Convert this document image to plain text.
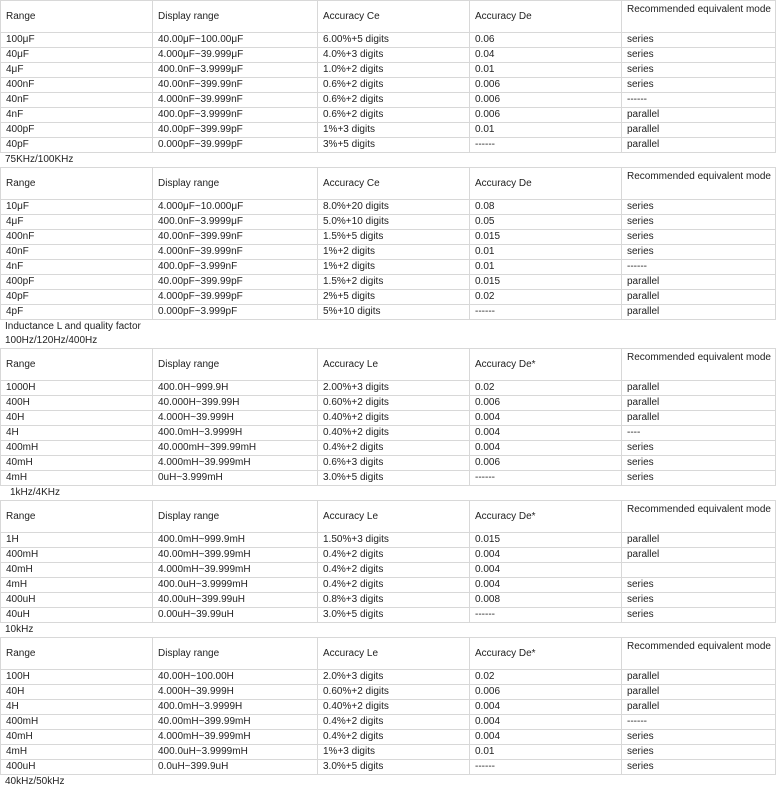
Range	Display range	Accuracy Ce	Accuracy De	Recommended equivalent mode
100μF	40.00μF~100.00μF	6.00%+5 digits	0.06	series
40μF	4.000μF~39.999μF	4.0%+3 digits	0.04	series
4μF	400.0nF~3.9999μF	1.0%+2 digits	0.01	series
400nF	40.00nF~399.99nF	0.6%+2 digits	0.006	series
40nF	4.000nF~39.999nF	0.6%+2 digits	0.006	------
4nF	400.0pF~3.9999nF	0.6%+2 digits	0.006	parallel
400pF	40.00pF~399.99pF	1%+3 digits	0.01	parallel
40pF	0.000pF~39.999pF	3%+5 digits	------	parallel
75KHz/100KHz
Range	Display range	Accuracy Ce	Accuracy De	Recommended equivalent mode
10μF	4.000μF~10.000μF	8.0%+20 digits	0.08	series
4μF	400.0nF~3.9999μF	5.0%+10 digits	0.05	series
400nF	40.00nF~399.99nF	1.5%+5 digits	0.015	series
40nF	4.000nF~39.999nF	1%+2 digits	0.01	series
4nF	400.0pF~3.999nF	1%+2 digits	0.01	------
400pF	40.00pF~399.99pF	1.5%+2 digits	0.015	parallel
40pF	4.000pF~39.999pF	2%+5 digits	0.02	parallel
4pF	0.000pF~3.999pF	5%+10 digits	------	parallel
Inductance L and quality factor
100Hz/120Hz/400Hz
Range	Display range	Accuracy Le	Accuracy De*	Recommended equivalent mode
1000H	400.0H~999.9H	2.00%+3 digits	0.02	parallel
400H	40.000H~399.99H	0.60%+2 digits	0.006	parallel
40H	4.000H~39.999H	0.40%+2 digits	0.004	parallel
4H	400.0mH~3.9999H	0.40%+2 digits	0.004	----
400mH	40.000mH~399.99mH	0.4%+2 digits	0.004	series
40mH	4.000mH~39.999mH	0.6%+3 digits	0.006	series
4mH	0uH~3.999mH	3.0%+5 digits	------	series
1kHz/4KHz
Range	Display range	Accuracy Le	Accuracy De*	Recommended equivalent mode
1H	400.0mH~999.9mH	1.50%+3 digits	0.015	parallel
400mH	40.00mH~399.99mH	0.4%+2 digits	0.004	parallel
40mH	4.000mH~39.999mH	0.4%+2 digits	0.004	
4mH	400.0uH~3.9999mH	0.4%+2 digits	0.004	series
400uH	40.00uH~399.99uH	0.8%+3 digits	0.008	series
40uH	0.00uH~39.99uH	3.0%+5 digits	------	series
10kHz
Range	Display range	Accuracy Le	Accuracy De*	Recommended equivalent mode
100H	40.00H~100.00H	2.0%+3 digits	0.02	parallel
40H	4.000H~39.999H	0.60%+2 digits	0.006	parallel
4H	400.0mH~3.9999H	0.40%+2 digits	0.004	parallel
400mH	40.00mH~399.99mH	0.4%+2 digits	0.004	------
40mH	4.000mH~39.999mH	0.4%+2 digits	0.004	series
4mH	400.0uH~3.9999mH	1%+3 digits	0.01	series
400uH	0.0uH~399.9uH	3.0%+5 digits	------	series
40kHz/50kHz
